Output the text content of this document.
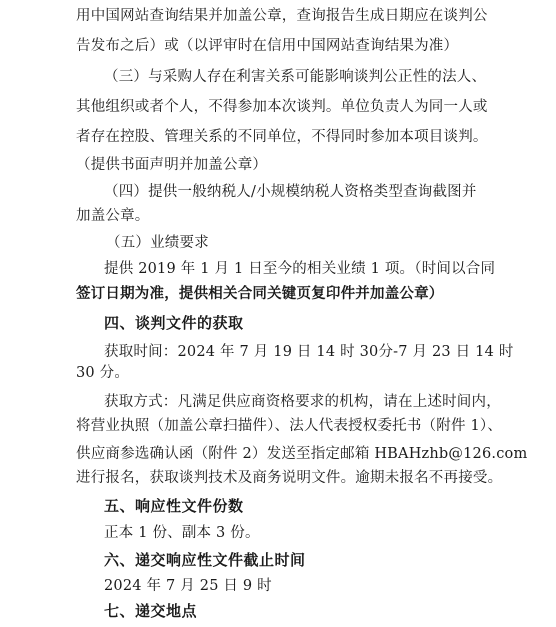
用中国网站查询结果并加盖公章，查询报告生成日期应在谈判公
告发布之后）或（以评审时在信用中国网站查询结果为准）
（三）与采购人存在利害关系可能影响谈判公正性的法人、
其他组织或者个人，不得参加本次谈判。单位负责人为同一人或
者存在控股、管理关系的不同单位，不得同时参加本项目谈判。
（提供书面声明并加盖公章）
（四）提供一般纳税人/小规模纳税人资格类型查询截图并
加盖公章。
（五）业绩要求
提供 2019 年 1 月 1 日至今的相关业绩 1 项。（时间以合同
签订日期为准，提供相关合同关键页复印件并加盖公章）
四、谈判文件的获取
获取时间：2024 年 7 月 19 日 14 时 30分-7 月 23 日 14 时
30 分。
获取方式：凡满足供应商资格要求的机构，请在上述时间内，
将营业执照（加盖公章扫描件）、法人代表授权委托书（附件 1）、
供应商参选确认函（附件 2）发送至指定邮箱 HBAHzhb@126.com
进行报名，获取谈判技术及商务说明文件。逾期未报名不再接受。
五、响应性文件份数
正本 1 份、副本 3 份。
六、递交响应性文件截止时间
2024 年 7 月 25 日 9 时
七、递交地点
